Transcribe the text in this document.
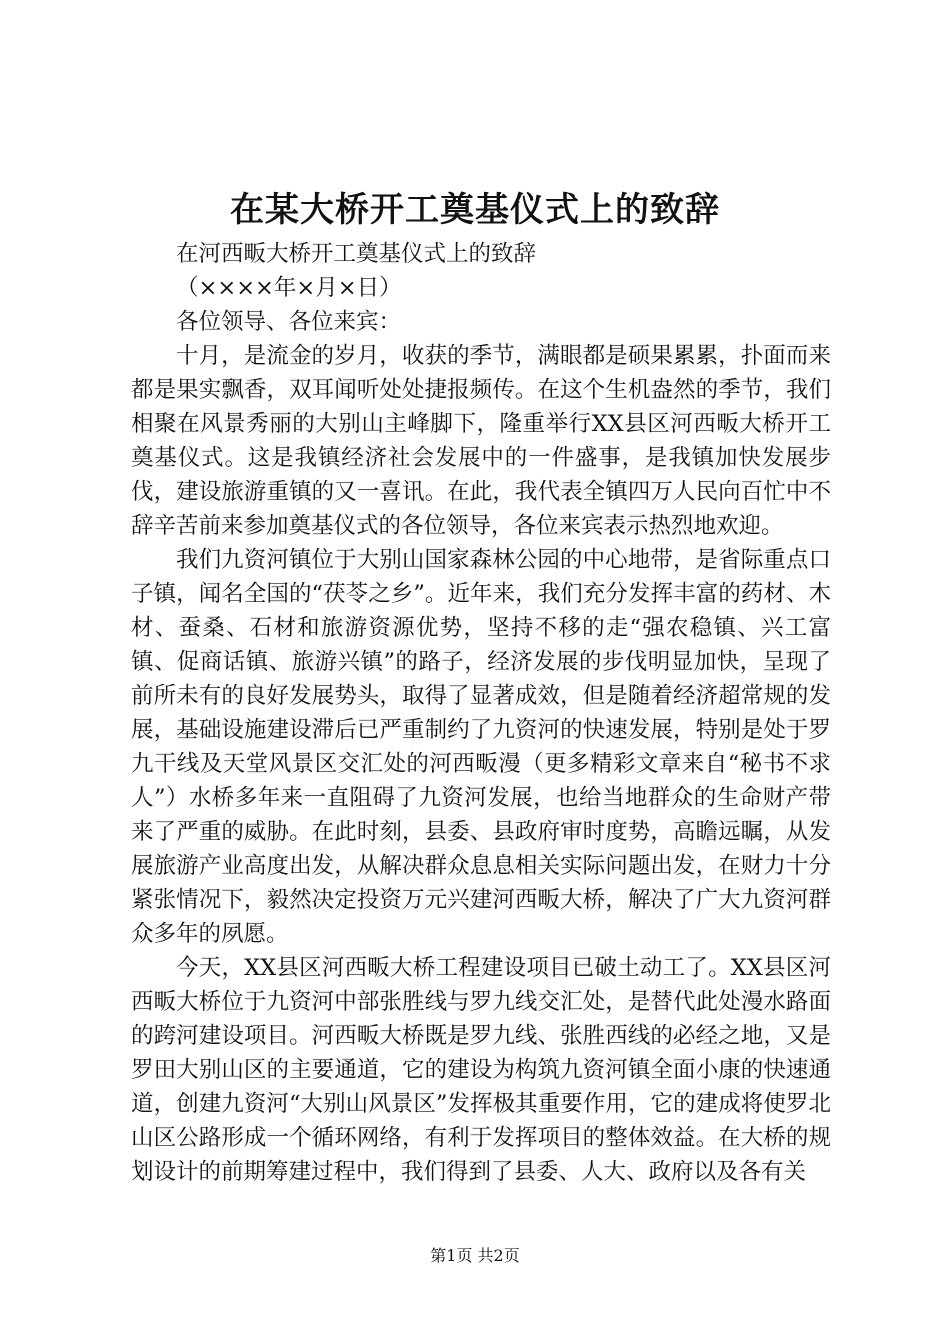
在某大桥开工奠基仪式上的致辞

在河西畈大桥开工奠基仪式上的致辞

（××××年×月×日）

各位领导、各位来宾：

十月，是流金的岁月，收获的季节，满眼都是硕果累累，扑面而来都是果实飘香，双耳闻听处处捷报频传。在这个生机盎然的季节，我们相聚在风景秀丽的大别山主峰脚下，隆重举行XX县区河西畈大桥开工奠基仪式。这是我镇经济社会发展中的一件盛事，是我镇加快发展步伐，建设旅游重镇的又一喜讯。在此，我代表全镇四万人民向百忙中不辞辛苦前来参加奠基仪式的各位领导，各位来宾表示热烈地欢迎。

我们九资河镇位于大别山国家森林公园的中心地带，是省际重点口子镇，闻名全国的“茯苓之乡”。近年来，我们充分发挥丰富的药材、木材、蚕桑、石材和旅游资源优势，坚持不移的走“强农稳镇、兴工富镇、促商话镇、旅游兴镇”的路子，经济发展的步伐明显加快，呈现了前所未有的良好发展势头，取得了显著成效，但是随着经济超常规的发展，基础设施建设滞后已严重制约了九资河的快速发展，特别是处于罗九干线及天堂风景区交汇处的河西畈漫（更多精彩文章来自“秘书不求人”）水桥多年来一直阻碍了九资河发展，也给当地群众的生命财产带来了严重的威胁。在此时刻，县委、县政府审时度势，高瞻远瞩，从发展旅游产业高度出发，从解决群众息息相关实际问题出发，在财力十分紧张情况下，毅然决定投资万元兴建河西畈大桥，解决了广大九资河群众多年的夙愿。

今天，XX县区河西畈大桥工程建设项目已破土动工了。XX县区河西畈大桥位于九资河中部张胜线与罗九线交汇处，是替代此处漫水路面的跨河建设项目。河西畈大桥既是罗九线、张胜西线的必经之地，又是罗田大别山区的主要通道，它的建设为构筑九资河镇全面小康的快速通道，创建九资河“大别山风景区”发挥极其重要作用，它的建成将使罗北山区公路形成一个循环网络，有利于发挥项目的整体效益。在大桥的规划设计的前期筹建过程中，我们得到了县委、人大、政府以及各有关

第1页 共2页
